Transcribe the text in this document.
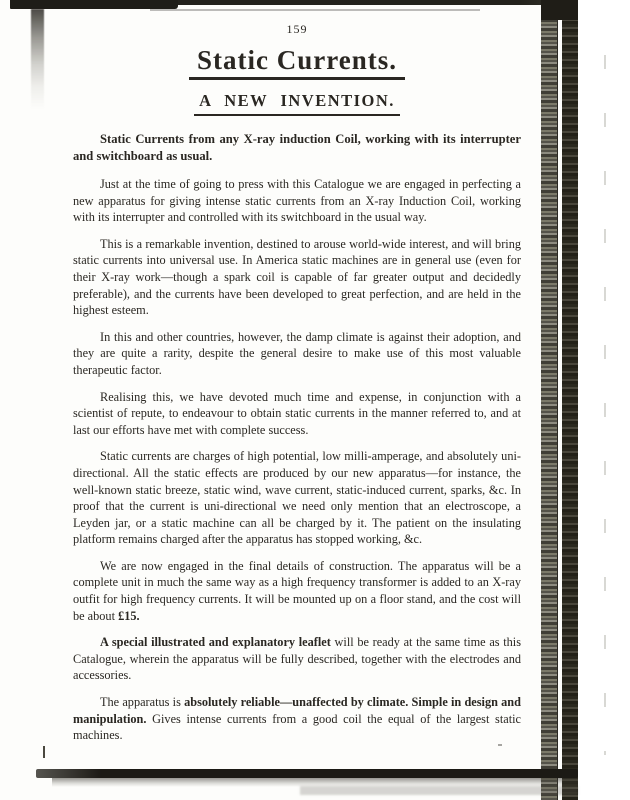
159
Static Currents.
A NEW INVENTION.

Static Currents from any X-ray induction Coil, working with its interrupter and switchboard as usual.

Just at the time of going to press with this Catalogue we are engaged in perfecting a new apparatus for giving intense static currents from an X-ray Induction Coil, working with its interrupter and controlled with its switchboard in the usual way.

This is a remarkable invention, destined to arouse world-wide interest, and will bring static currents into universal use. In America static machines are in general use (even for their X-ray work—though a spark coil is capable of far greater output and decidedly preferable), and the currents have been developed to great perfection, and are held in the highest esteem.

In this and other countries, however, the damp climate is against their adoption, and they are quite a rarity, despite the general desire to make use of this most valuable therapeutic factor.

Realising this, we have devoted much time and expense, in conjunction with a scientist of repute, to endeavour to obtain static currents in the manner referred to, and at last our efforts have met with complete success.

Static currents are charges of high potential, low milli-amperage, and absolutely uni-directional. All the static effects are produced by our new apparatus—for instance, the well-known static breeze, static wind, wave current, static-induced current, sparks, &c. In proof that the current is uni-directional we need only mention that an electroscope, a Leyden jar, or a static machine can all be charged by it. The patient on the insulating platform remains charged after the apparatus has stopped working, &c.

We are now engaged in the final details of construction. The apparatus will be a complete unit in much the same way as a high frequency transformer is added to an X-ray outfit for high frequency currents. It will be mounted up on a floor stand, and the cost will be about £15.

A special illustrated and explanatory leaflet will be ready at the same time as this Catalogue, wherein the apparatus will be fully described, together with the electrodes and accessories.

The apparatus is absolutely reliable—unaffected by climate. Simple in design and manipulation. Gives intense currents from a good coil the equal of the largest static machines.
